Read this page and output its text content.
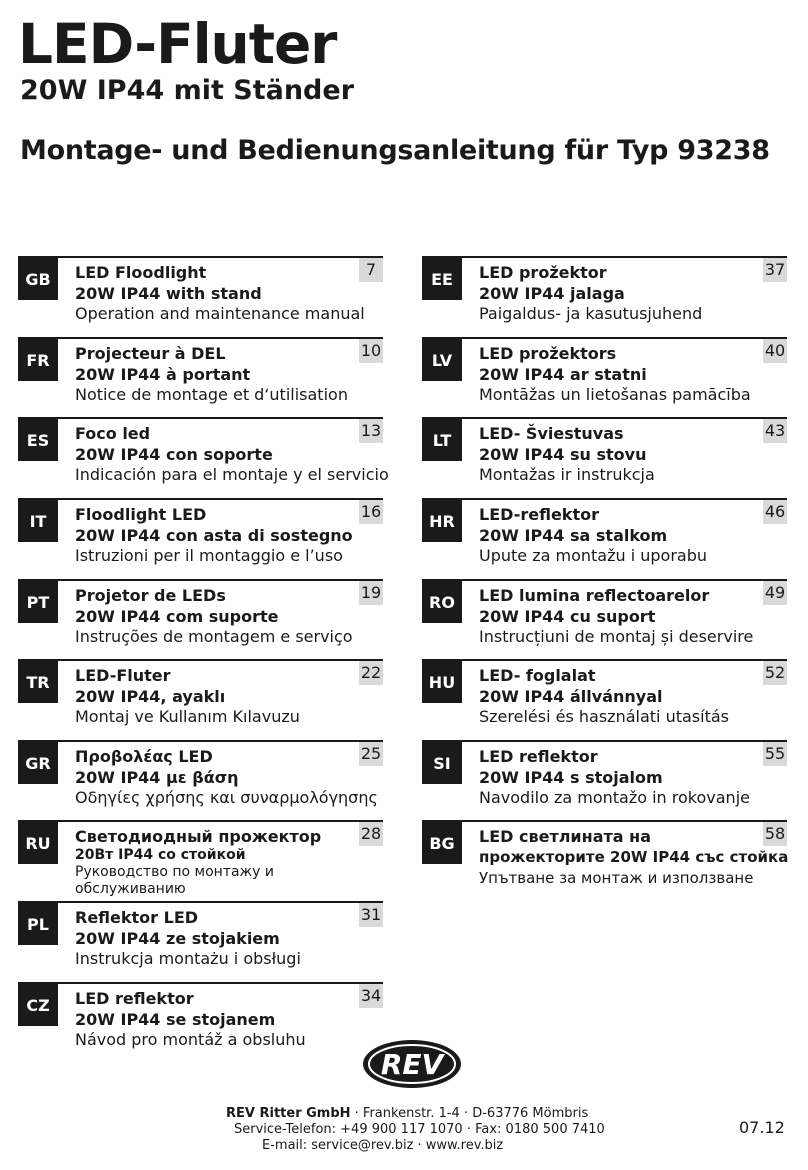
LED-Fluter
20W IP44 mit Ständer
Montage- und Bedienungsanleitung für Typ 93238
GB	7
LED Floodlight
20W IP44 with stand
Operation and maintenance manual
FR	10
Projecteur à DEL
20W IP44 à portant
Notice de montage et d‘utilisation
ES	13
Foco led
20W IP44 con soporte
Indicación para el montaje y el servicio
IT	16
Floodlight LED
20W IP44 con asta di sostegno
Istruzioni per il montaggio e l’uso
PT	19
Projetor de LEDs
20W IP44 com suporte
Instruções de montagem e serviço
TR	22
LED-Fluter
20W IP44, ayaklı
Montaj ve Kullanım Kılavuzu
GR	25
Προβολέας LED
20W IP44 με βάση
Οδηγίες χρήσης και συναρμολόγησης
RU	28
Светодиодный прожектор
20Вт IP44 со стойкой
Руководство по монтажу и обслуживанию
PL	31
Reflektor LED
20W IP44 ze stojakiem
Instrukcja montażu i obsługi
CZ	34
LED reflektor
20W IP44 se stojanem
Návod pro montáž a obsluhu
EE	37
LED prožektor
20W IP44 jalaga
Paigaldus- ja kasutusjuhend
LV	40
LED prožektors
20W IP44 ar statni
Montāžas un lietošanas pamācība
LT	43
LED- Šviestuvas
20W IP44 su stovu
Montažas ir instrukcja
HR	46
LED-reflektor
20W IP44 sa stalkom
Upute za montažu i uporabu
RO	49
LED lumina reflectoarelor
20W IP44 cu suport
Instrucțiuni de montaj și deservire
HU	52
LED- foglalat
20W IP44 állvánnyal
Szerelési és használati utasítás
SI	55
LED reflektor
20W IP44 s stojalom
Navodilo za montažo in rokovanje
BG	58
LED светлината на
прожекторите 20W IP44 със стойка
Упътване за монтаж и използване
REV
REV Ritter GmbH · Frankenstr. 1-4 · D-63776 Mömbris
Service-Telefon: +49 900 117 1070 · Fax: 0180 500 7410
E-mail: service@rev.biz · www.rev.biz
07.12
